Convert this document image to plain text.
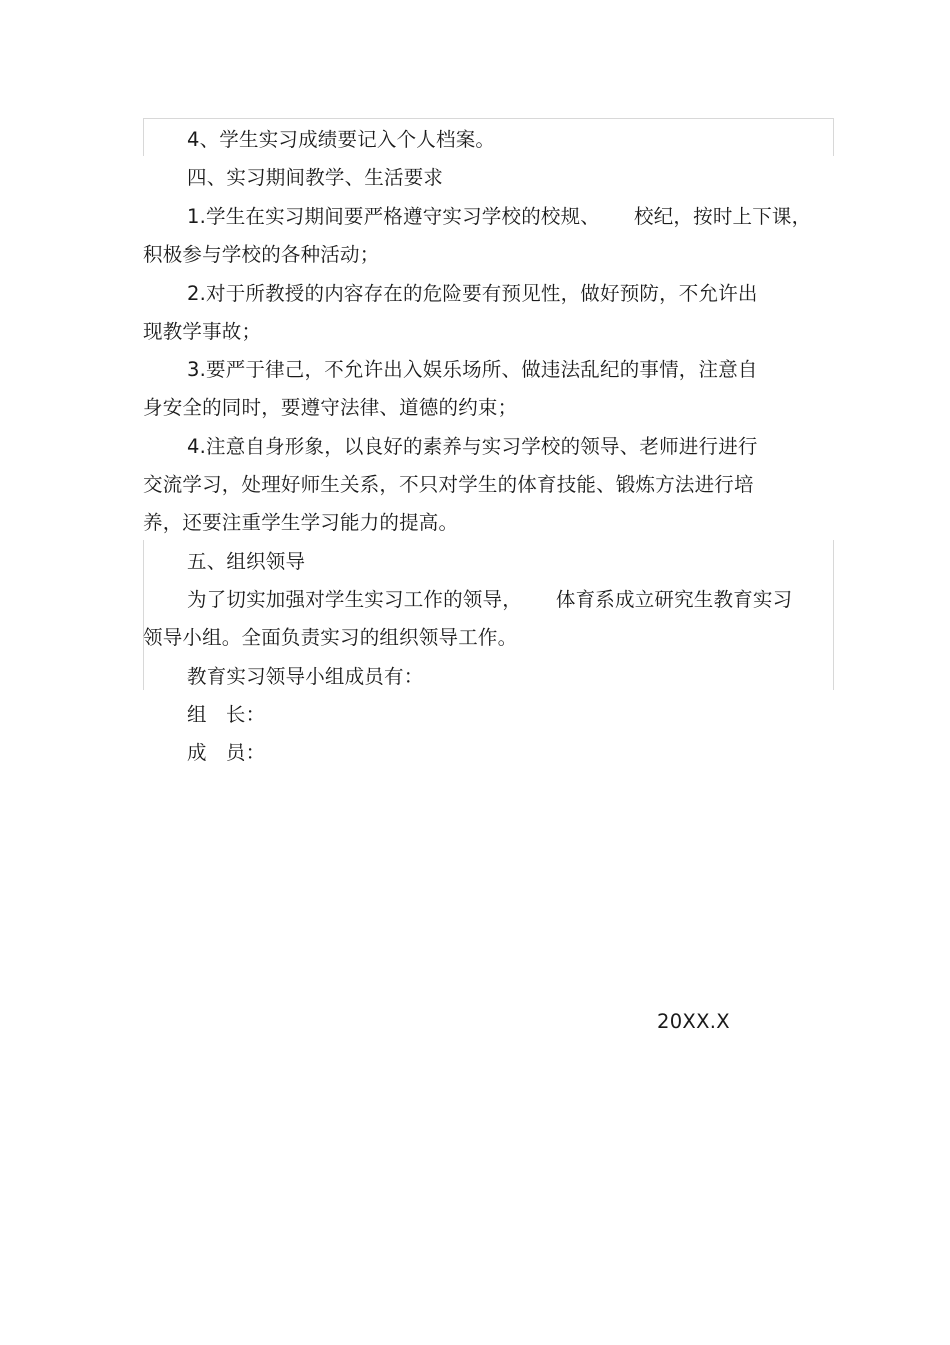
4、学生实习成绩要记入个人档案。
四、实习期间教学、生活要求
1.学生在实习期间要严格遵守实习学校的校规、 校纪，按时上下课，
积极参与学校的各种活动；
2.对于所教授的内容存在的危险要有预见性，做好预防，不允许出
现教学事故；
3.要严于律己，不允许出入娱乐场所、做违法乱纪的事情，注意自
身安全的同时，要遵守法律、道德的约束；
4.注意自身形象，以良好的素养与实习学校的领导、老师进行进行
交流学习，处理好师生关系，不只对学生的体育技能、锻炼方法进行培
养，还要注重学生学习能力的提高。
五、组织领导
为了切实加强对学生实习工作的领导， 体育系成立研究生教育实习
领导小组。全面负责实习的组织领导工作。
教育实习领导小组成员有：
组   长：
成   员：
20XX.X
